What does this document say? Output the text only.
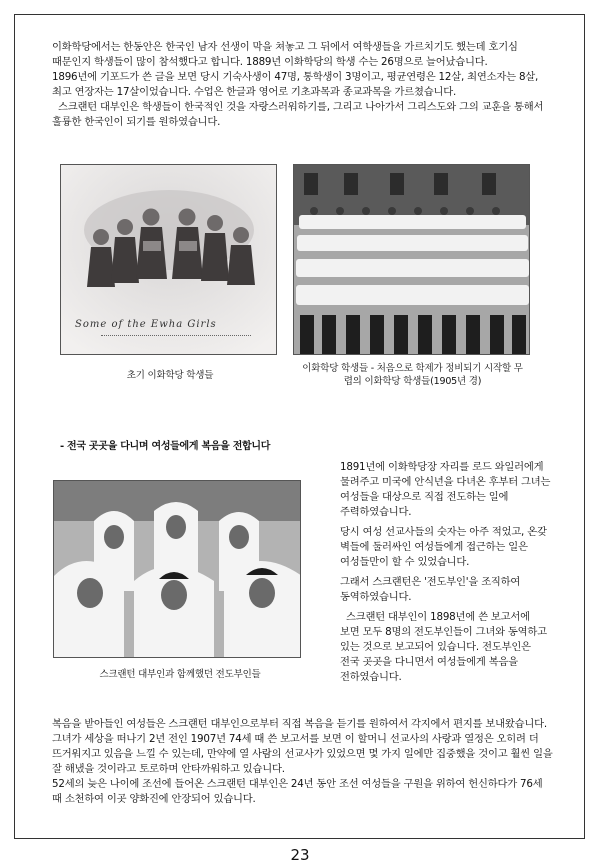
이화학당에서는 한동안은 한국인 남자 선생이 막을 쳐놓고 그 뒤에서 여학생들을 가르치기도 했는데 호기심 때문인지 학생들이 많이 참석했다고 합니다. 1889년 이화학당의 학생 수는 26명으로 늘어났습니다.
1896년에 기포드가 쓴 글을 보면 당시 기숙사생이 47명, 통학생이 3명이고, 평균연령은 12살, 최연소자는 8살, 최고 연장자는 17살이었습니다. 수업은 한글과 영어로 기초과목과 종교과목을 가르쳤습니다.
스크랜턴 대부인은 학생들이 한국적인 것을 자랑스러워하기를, 그리고 나아가서 그리스도와 그의 교훈을 통해서 훌륭한 한국인이 되기를 원하였습니다.
Some of the Ewha Girls
초기 이화학당 학생들
이화학당 학생들 - 처음으로 학제가 정비되기 시작할 무렵의 이화학당 학생들(1905년 경)
- 전국 곳곳을 다니며 여성들에게 복음을 전합니다
스크랜턴 대부인과 함께했던 전도부인들

1891년에 이화학당장 자리를 로드 와일러에게 물려주고 미국에 안식년을 다녀온 후부터 그녀는 여성들을 대상으로 직접 전도하는 일에 주력하였습니다.

당시 여성 선교사들의 숫자는 아주 적었고, 온갖 벽들에 둘러싸인 여성들에게 접근하는 일은 여성들만이 할 수 있었습니다.

그래서 스크랜턴은 '전도부인'을 조직하여 동역하였습니다.

스크랜턴 대부인이 1898년에 쓴 보고서에 보면 모두 8명의 전도부인들이 그녀와 동역하고 있는 것으로 보고되어 있습니다. 전도부인은 전국 곳곳을 다니면서 여성들에게 복음을 전하였습니다.

복음을 받아들인 여성들은 스크랜턴 대부인으로부터 직접 복음을 듣기를 원하여서 각지에서 편지를 보내왔습니다. 그녀가 세상을 떠나기 2년 전인 1907년 74세 때 쓴 보고서를 보면 이 할머니 선교사의 사랑과 열정은 오히려 더 뜨거워지고 있음을 느낄 수 있는데, 만약에 열 사람의 선교사가 있었으면 몇 가지 일에만 집중했을 것이고 훨씬 일을 잘 해냈을 것이라고 토로하며 안타까워하고 있습니다.
52세의 늦은 나이에 조선에 들어온 스크랜턴 대부인은 24년 동안 조선 여성들을 구원을 위하여 헌신하다가 76세 때 소천하여 이곳 양화진에 안장되어 있습니다.
23
